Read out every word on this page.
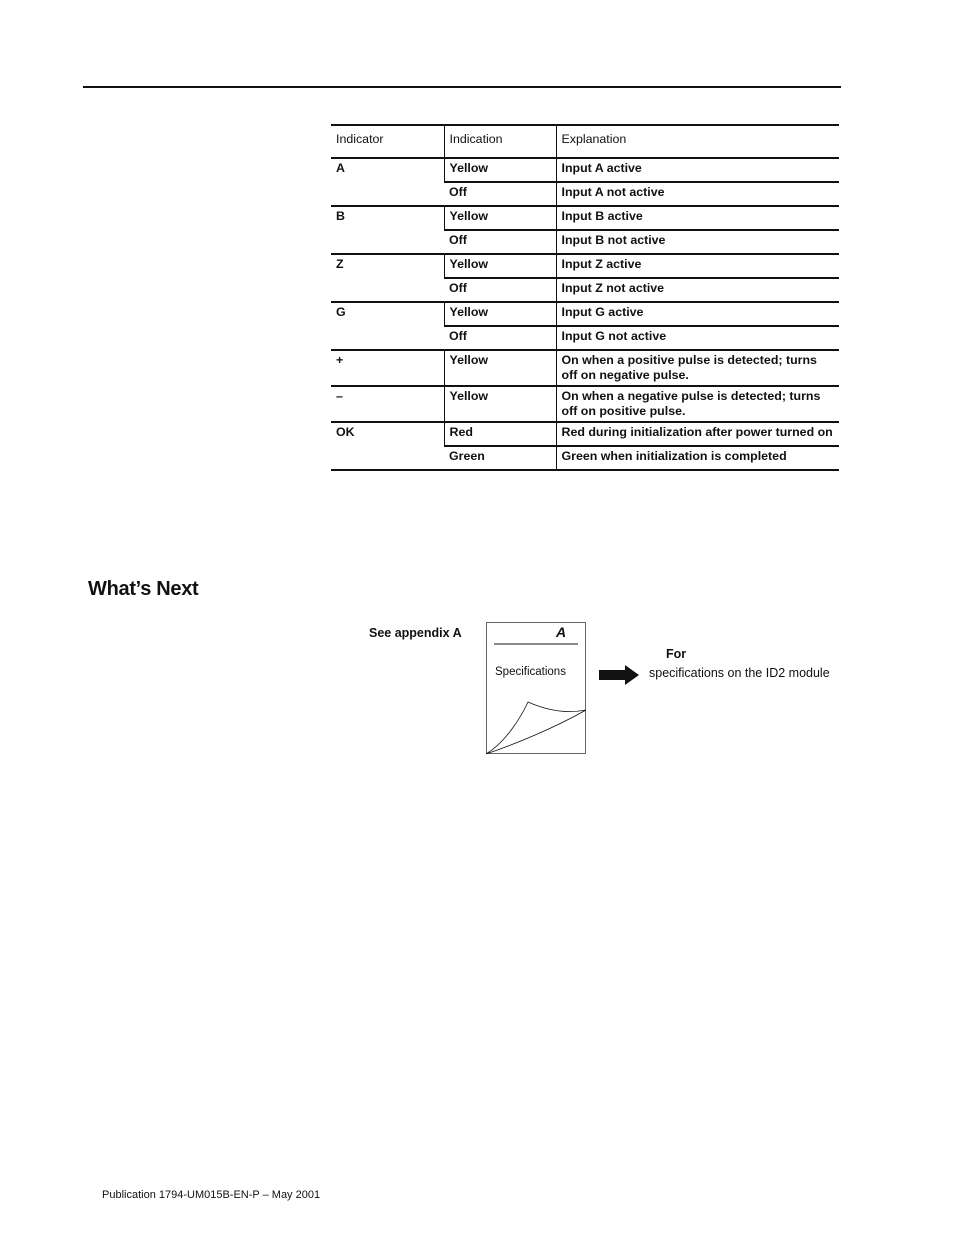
Indicator	Indication	Explanation
A	Yellow	Input A active
	Off	Input A not active
B	Yellow	Input B active
	Off	Input B not active
Z	Yellow	Input Z active
	Off	Input Z not active
G	Yellow	Input G active
	Off	Input G not active
+	Yellow	On when a positive pulse is detected; turns off on negative pulse.
–	Yellow	On when a negative pulse is detected; turns off on positive pulse.
OK	Red	Red during initialization after power turned on
	Green	Green when initialization is completed
What’s Next
See appendix A	A
Specifications
For
specifications on the ID2 module
Publication 1794-UM015B-EN-P – May 2001
